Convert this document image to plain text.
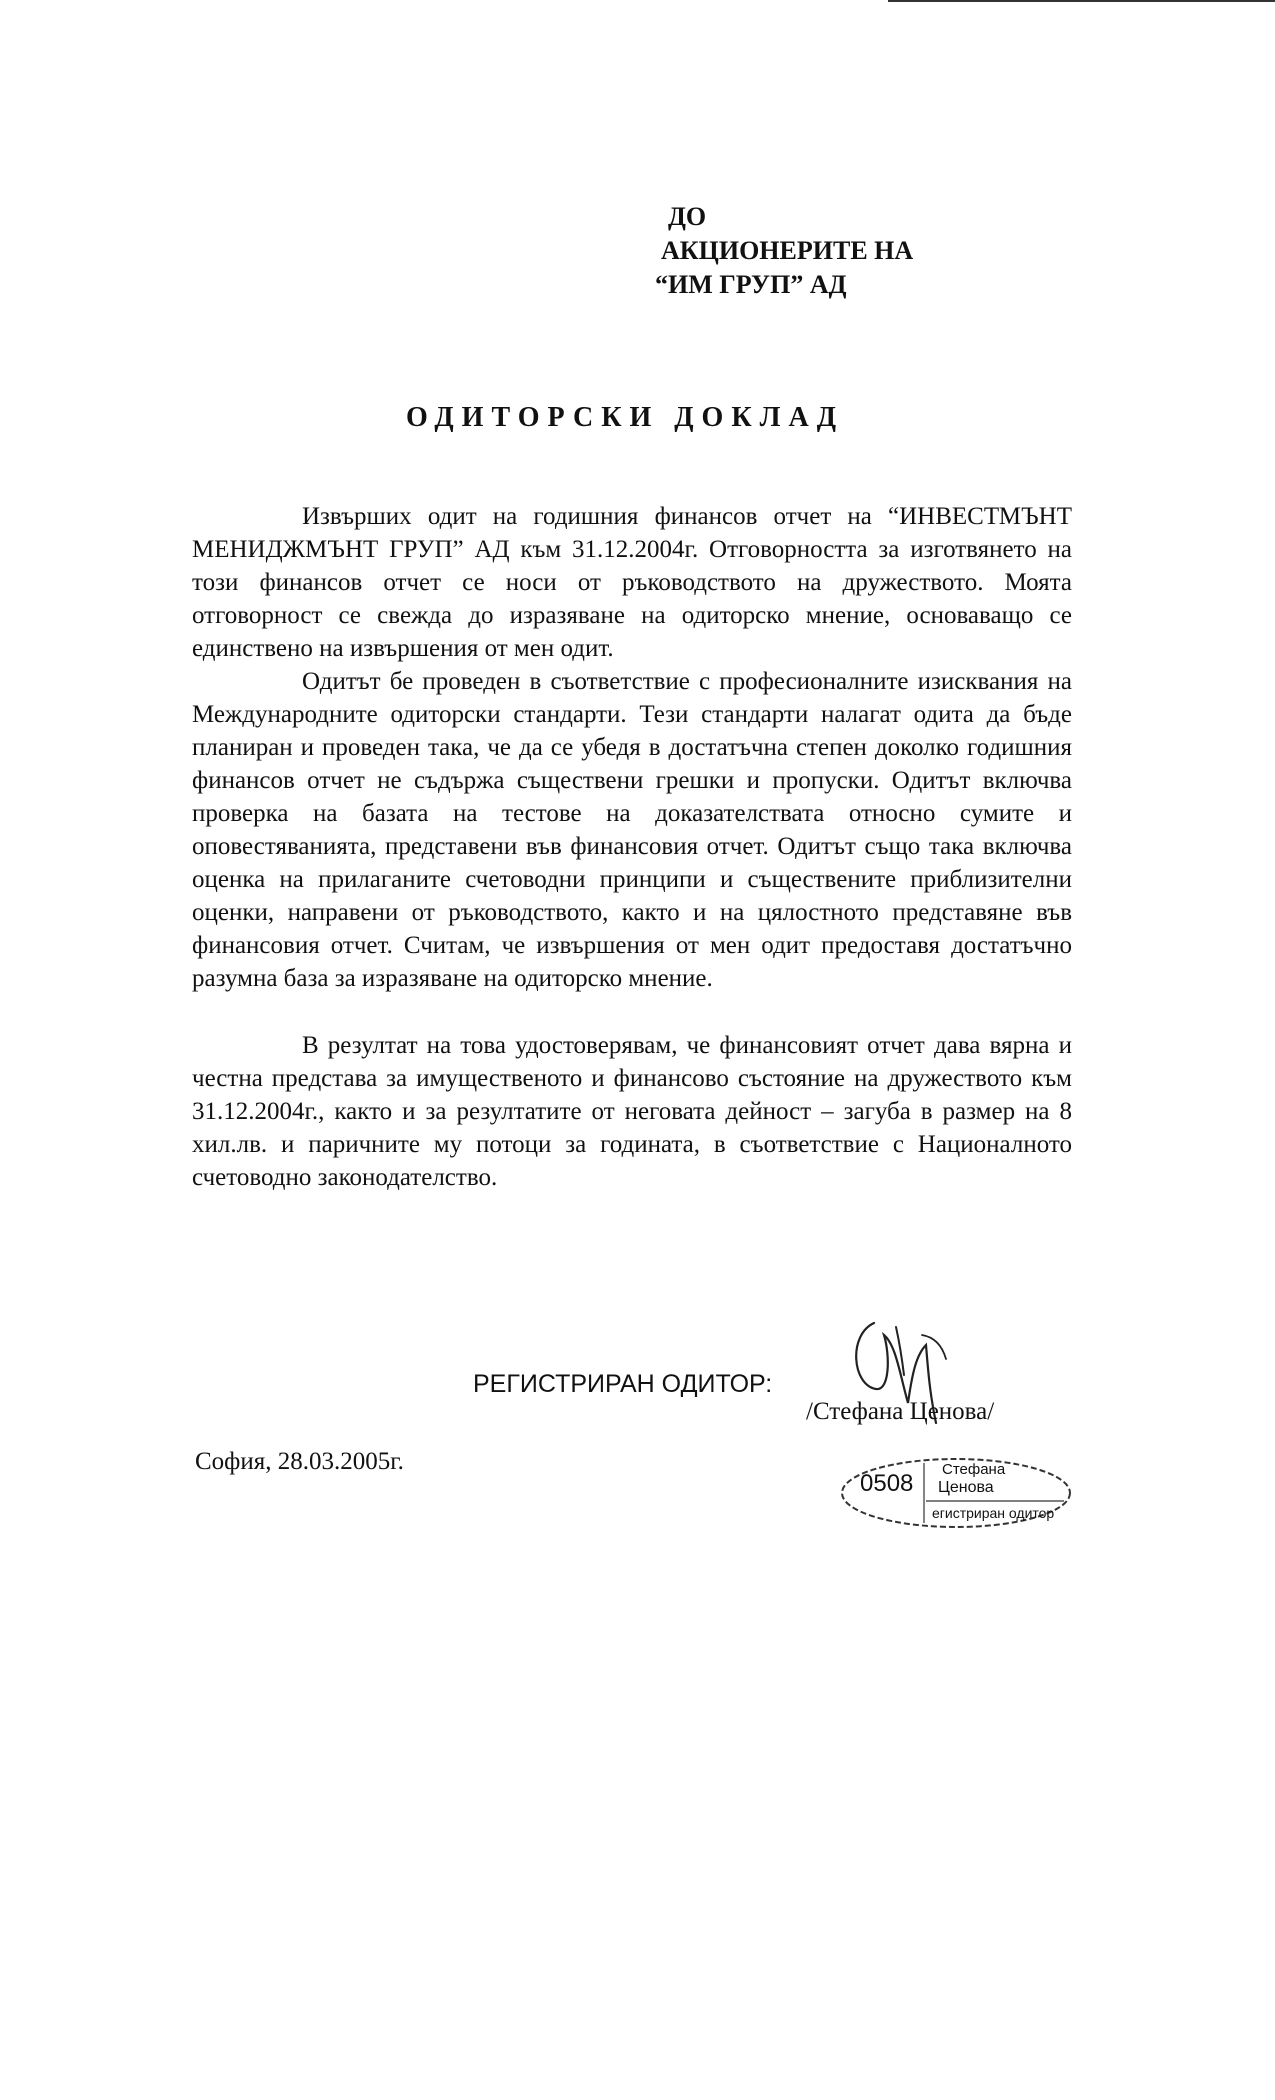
ДО
АКЦИОНЕРИТЕ НА
“ИМ ГРУП” АД
ОДИТОРСКИ ДОКЛАД

Извърших одит на годишния финансов отчет на “ИНВЕСТМЪНТ МЕНИДЖМЪНТ ГРУП” АД към 31.12.2004г. Отговорността за изготвянето на този финансов отчет се носи от ръководството на дружеството. Моята отговорност се свежда до изразяване на одиторско мнение, основаващо се единствено на извършения от мен одит.

Одитът бе проведен в съответствие с професионалните изисквания на Международните одиторски стандарти. Тези стандарти налагат одита да бъде планиран и проведен така, че да се убедя в достатъчна степен доколко годишния финансов отчет не съдържа съществени грешки и пропуски. Одитът включва проверка на базата на тестове на доказателствата относно сумите и оповестяванията, представени във финансовия отчет. Одитът също така включва оценка на прилаганите счетоводни принципи и съществените приблизителни оценки, направени от ръководството, както и на цялостното представяне във финансовия отчет. Считам, че извършения от мен одит предоставя достатъчно разумна база за изразяване на одиторско мнение.

В резултат на това удостоверявам, че финансовият отчет дава вярна и честна представа за имущественото и финансово състояние на дружеството към 31.12.2004г., както и за резултатите от неговата дейност – загуба в размер на 8 хил.лв. и паричните му потоци за годината, в съответствие с Националното счетоводно законодателство.

РЕГИСТРИРАН ОДИТОР:
/Стефана Ценова/
София, 28.03.2005г.
0508
Стефана
Ценова
егистриран одитор
